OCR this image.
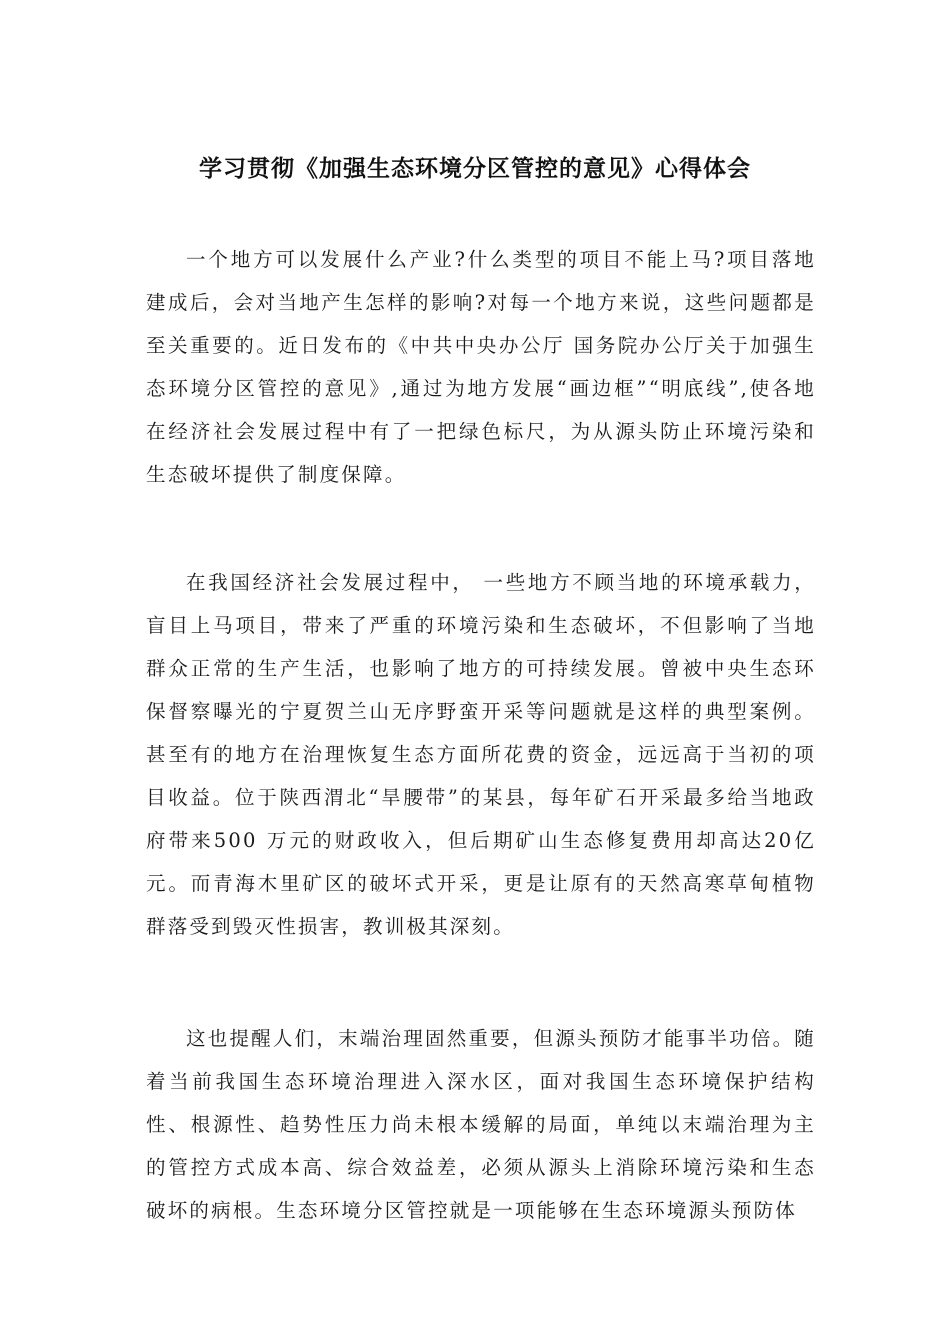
学习贯彻《加强生态环境分区管控的意见》心得体会

一个地方可以发展什么产业?什么类型的项目不能上马?项目落地建成后，会对当地产生怎样的影响?对每一个地方来说，这些问题都是至关重要的。近日发布的《中共中央办公厅 国务院办公厅关于加强生态环境分区管控的意见》,通过为地方发展“画边框”“明底线”,使各地在经济社会发展过程中有了一把绿色标尺，为从源头防止环境污染和生态破坏提供了制度保障。

在我国经济社会发展过程中， 一些地方不顾当地的环境承载力，盲目上马项目，带来了严重的环境污染和生态破坏，不但影响了当地群众正常的生产生活，也影响了地方的可持续发展。曾被中央生态环保督察曝光的宁夏贺兰山无序野蛮开采等问题就是这样的典型案例。甚至有的地方在治理恢复生态方面所花费的资金，远远高于当初的项目收益。位于陕西渭北“旱腰带”的某县，每年矿石开采最多给当地政府带来500 万元的财政收入，但后期矿山生态修复费用却高达20亿元。而青海木里矿区的破坏式开采，更是让原有的天然高寒草甸植物群落受到毁灭性损害，教训极其深刻。

这也提醒人们，末端治理固然重要，但源头预防才能事半功倍。随着当前我国生态环境治理进入深水区，面对我国生态环境保护结构性、根源性、趋势性压力尚未根本缓解的局面，单纯以末端治理为主的管控方式成本高、综合效益差，必须从源头上消除环境污染和生态破坏的病根。生态环境分区管控就是一项能够在生态环境源头预防体
